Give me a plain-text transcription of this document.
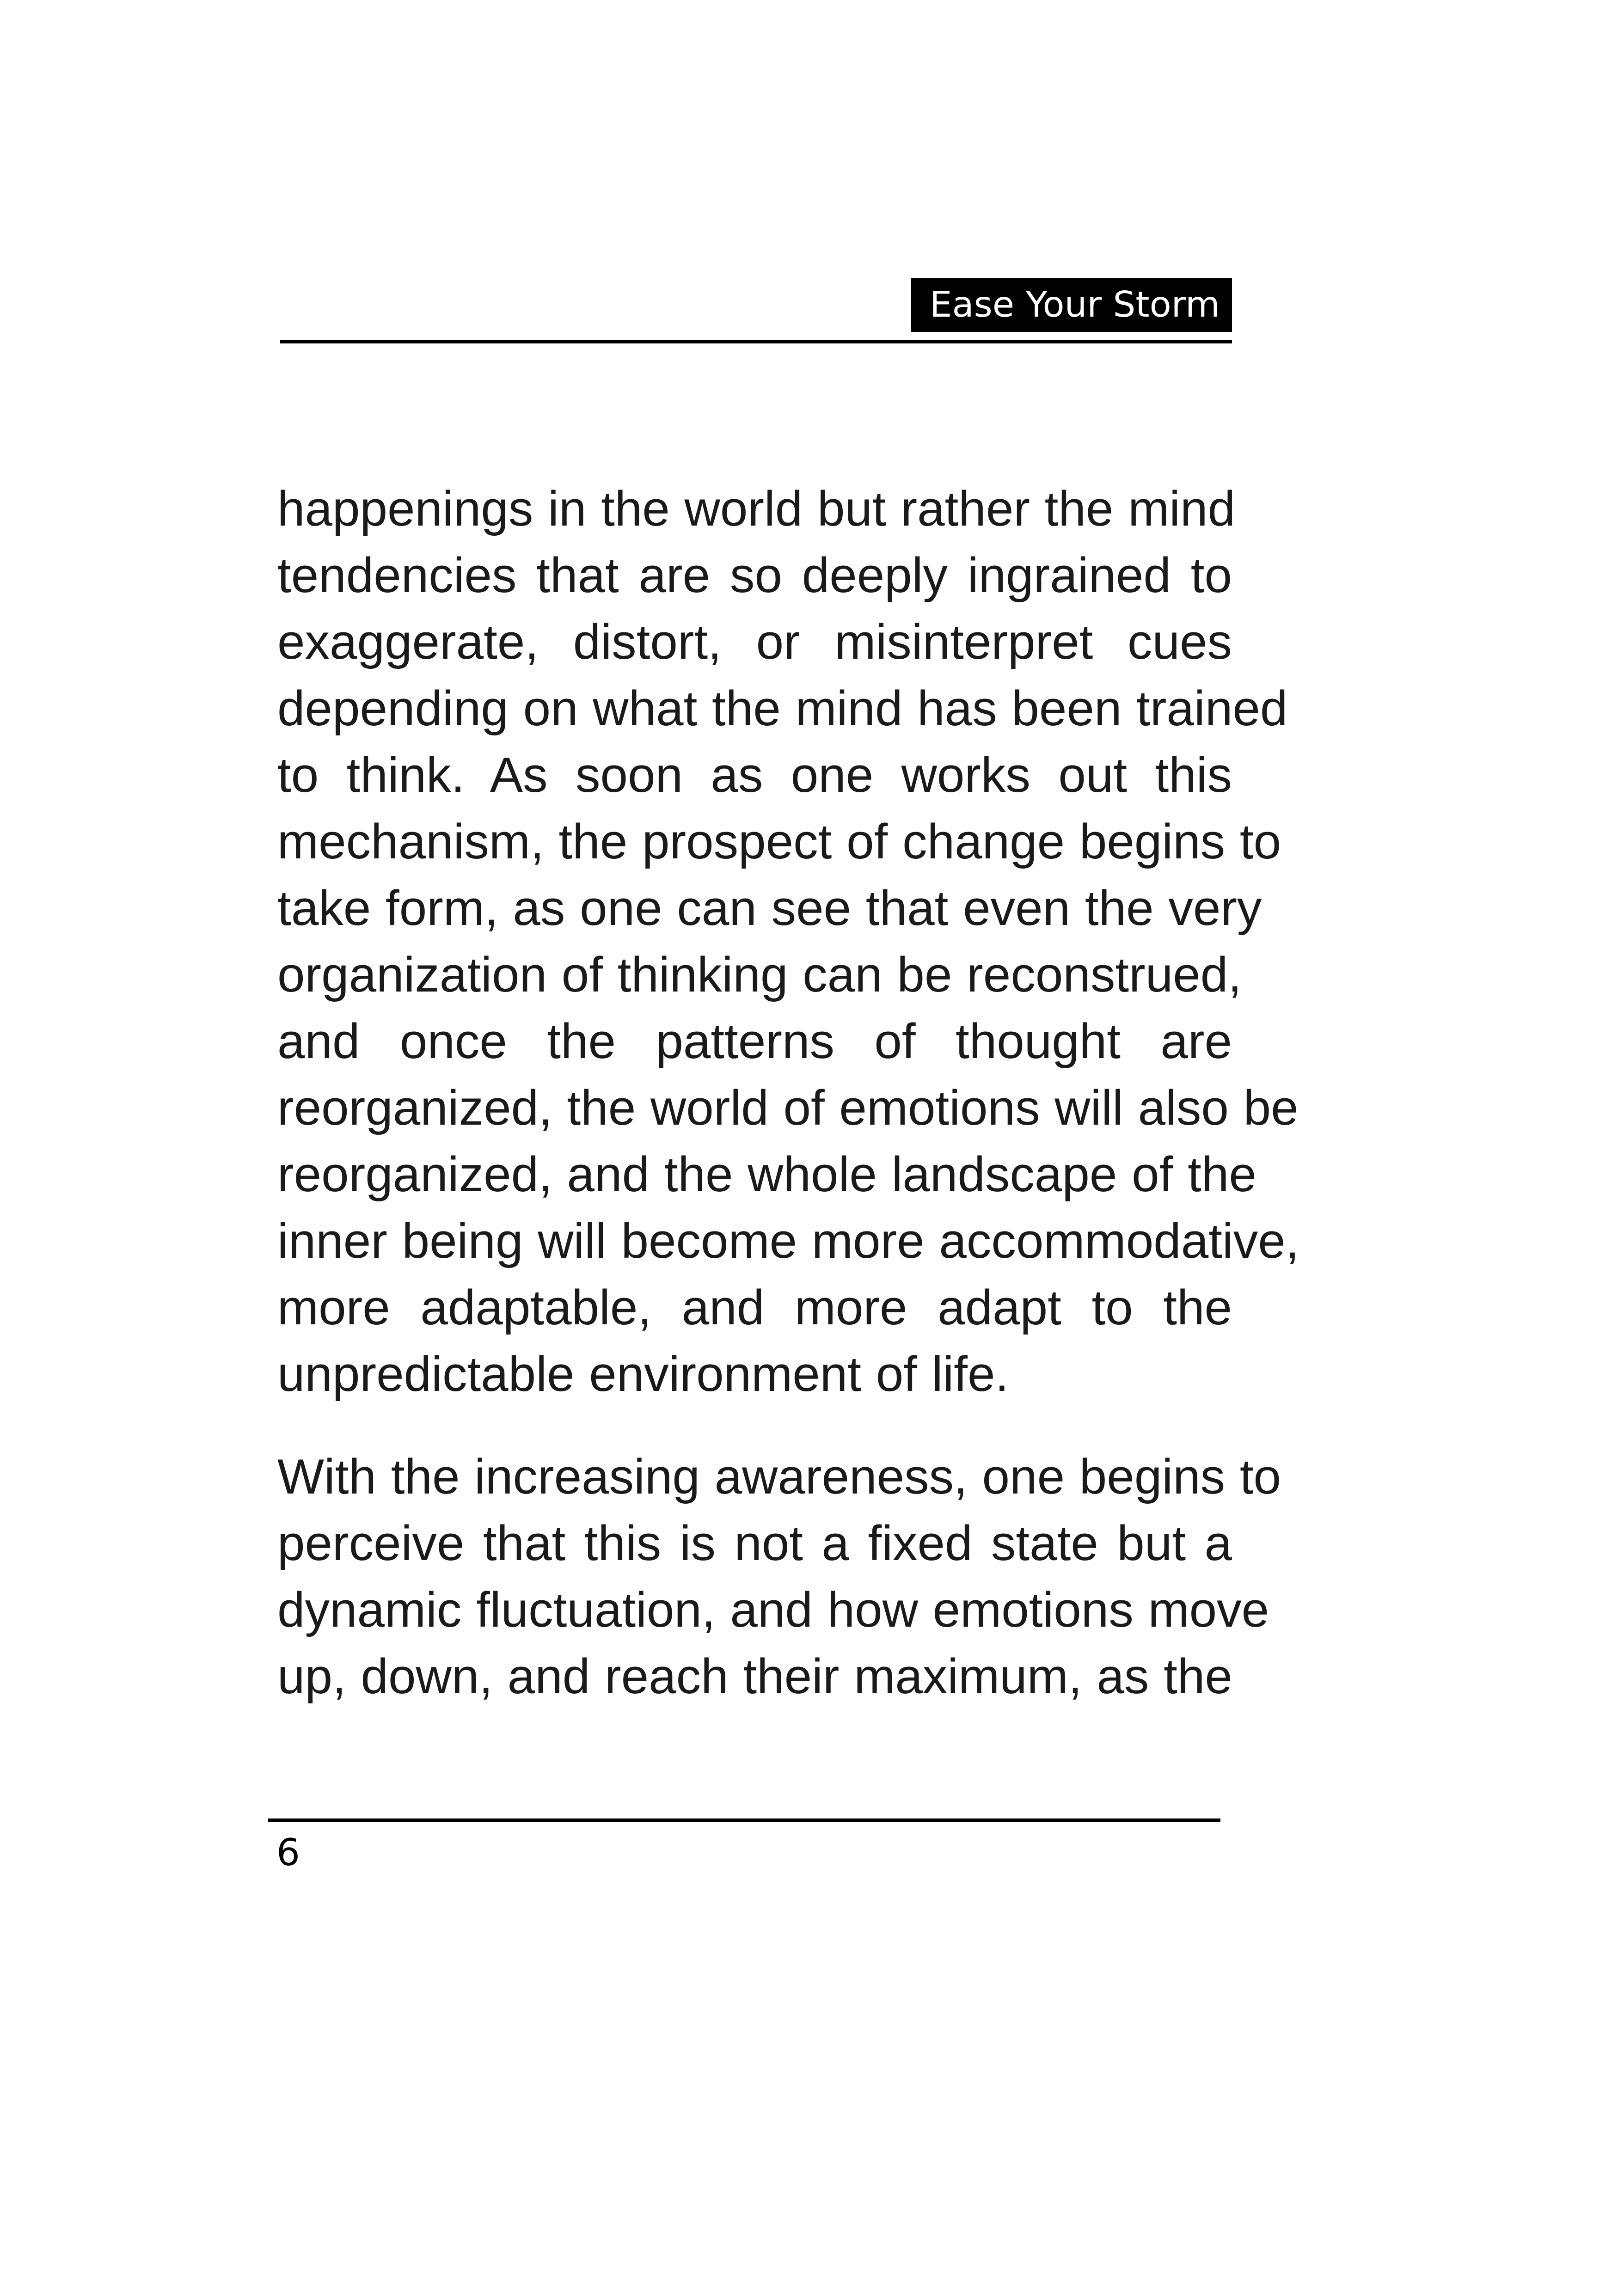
Ease Your Storm

happenings in the world but rather the mind
tendencies that are so deeply ingrained to
exaggerate, distort, or misinterpret cues
depending on what the mind has been trained
to think. As soon as one works out this
mechanism, the prospect of change begins to
take form, as one can see that even the very
organization of thinking can be reconstrued,
and once the patterns of thought are
reorganized, the world of emotions will also be
reorganized, and the whole landscape of the
inner being will become more accommodative,
more adaptable, and more adapt to the
unpredictable environment of life.

With the increasing awareness, one begins to
perceive that this is not a fixed state but a
dynamic fluctuation, and how emotions move
up, down, and reach their maximum, as the

6
